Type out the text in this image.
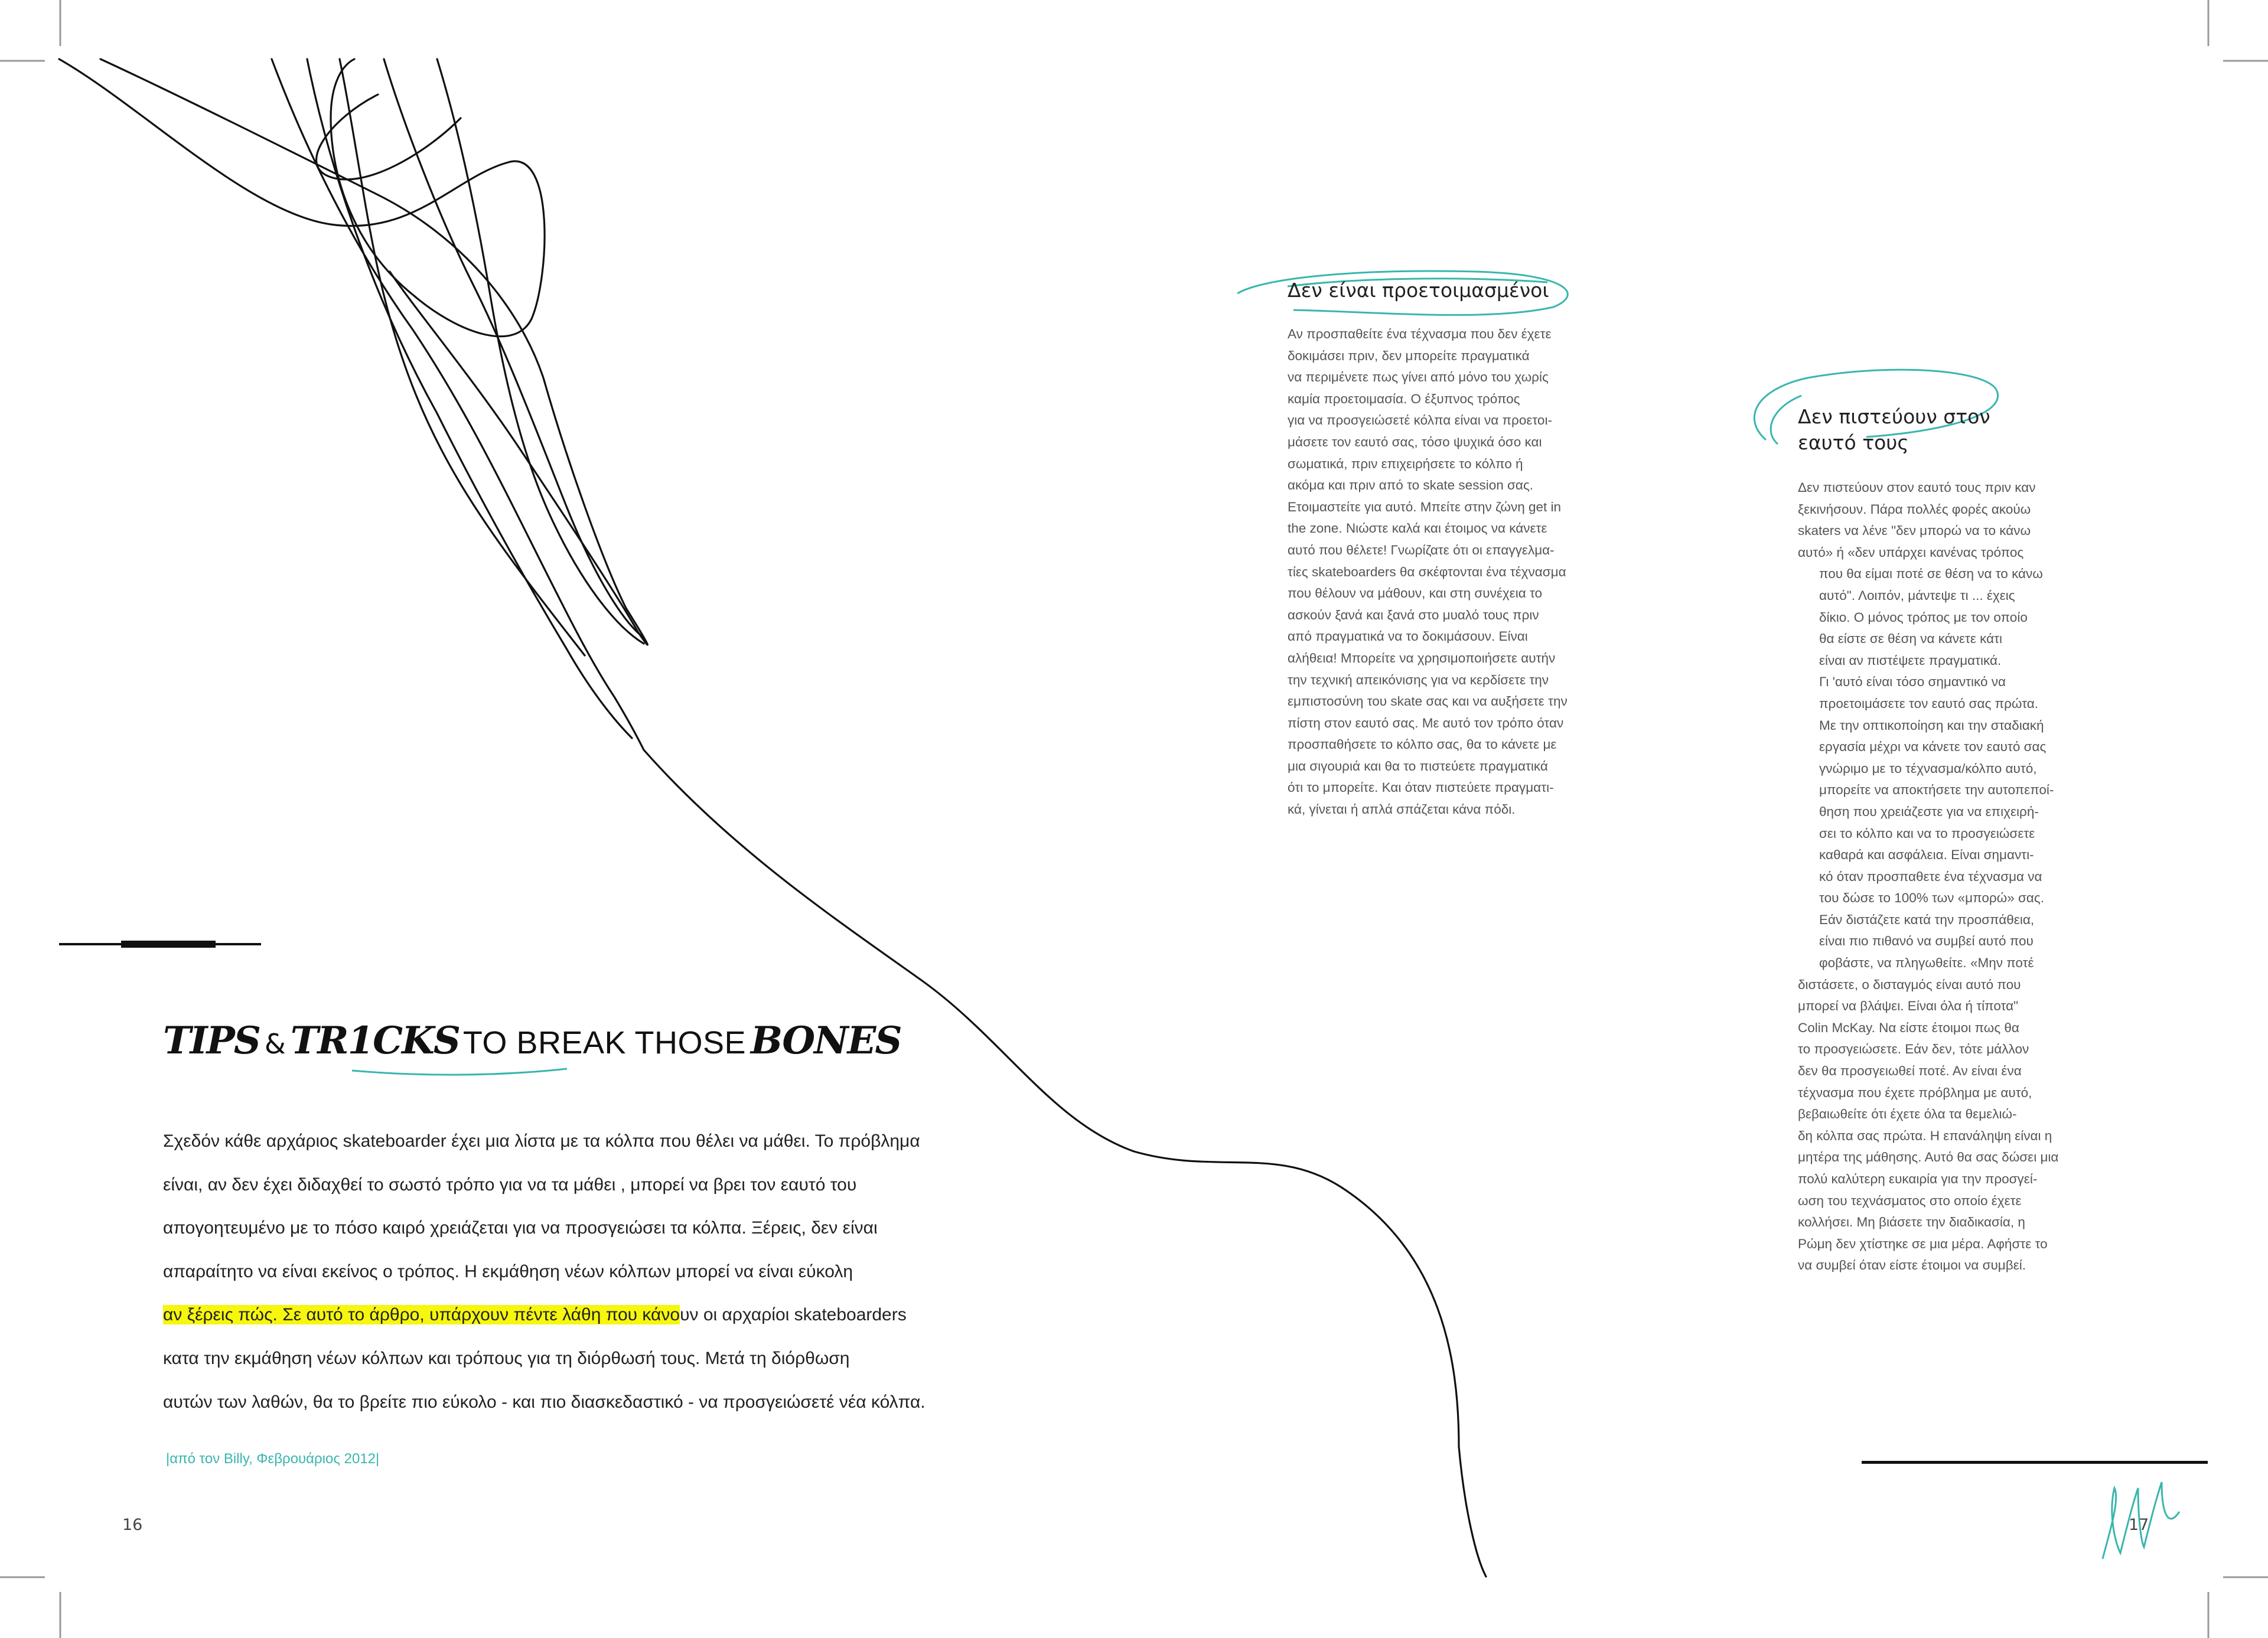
16	17
TIPS & TR1CKS TO BREAK THOSE BONES
Σχεδόν κάθε αρχάριος skateboarder έχει μια λίστα με τα κόλπα που θέλει να μάθει. Το πρόβλημα
είναι, αν δεν έχει διδαχθεί το σωστό τρόπο για να τα μάθει , μπορεί να βρει τον εαυτό του
απογοητευμένο με το πόσο καιρό χρειάζεται για να προσγειώσει τα κόλπα. Ξέρεις, δεν είναι
απαραίτητο να είναι εκείνος ο τρόπος. Η εκμάθηση νέων κόλπων μπορεί να είναι εύκολη
αν ξέρεις πώς. Σε αυτό το άρθρο, υπάρχουν πέντε λάθη που κάνουν οι αρχαρίοι skateboarders
κατα την εκμάθηση νέων κόλπων και τρόπους για τη διόρθωσή τους. Μετά τη διόρθωση
αυτών των λαθών, θα το βρείτε πιο εύκολο - και πιο διασκεδαστικό - να προσγειώσετέ νέα κόλπα.
|από τον Billy, Φεβρουάριος 2012|
Δεν είναι προετοιμασμένοι
Αν προσπαθείτε ένα τέχνασμα που δεν έχετε
δοκιμάσει πριν, δεν μπορείτε πραγματικά
να περιμένετε πως γίνει από μόνο του χωρίς
καμία προετοιμασία. Ο έξυπνος τρόπος
για να προσγειώσετέ κόλπα είναι να προετοι-
μάσετε τον εαυτό σας, τόσο ψυχικά όσο και
σωματικά, πριν επιχειρήσετε το κόλπο ή
ακόμα και πριν από το skate session σας.
Ετοιμαστείτε για αυτό. Μπείτε στην ζώνη get in
the zone. Νιώστε καλά και έτοιμος να κάνετε
αυτό που θέλετε! Γνωρίζατε ότι οι επαγγελμα-
τίες skateboarders θα σκέφτονται ένα τέχνασμα
που θέλουν να μάθουν, και στη συνέχεια το
ασκούν ξανά και ξανά στο μυαλό τους πριν
από πραγματικά να το δοκιμάσουν. Είναι
αλήθεια! Μπορείτε να χρησιμοποιήσετε αυτήν
την τεχνική απεικόνισης για να κερδίσετε την
εμπιστοσύνη του skate σας και να αυξήσετε την
πίστη στον εαυτό σας. Με αυτό τον τρόπο όταν
προσπαθήσετε το κόλπο σας, θα το κάνετε με
μια σιγουριά και θα το πιστεύετε πραγματικά
ότι το μπορείτε. Και όταν πιστεύετε πραγματι-
κά, γίνεται ή απλά σπάζεται κάνα πόδι.
Δεν πιστεύουν στον
εαυτό τους
Δεν πιστεύουν στον εαυτό τους πριν καν
ξεκινήσουν. Πάρα πολλές φορές ακούω
skaters να λένε "δεν μπορώ να το κάνω
αυτό» ή «δεν υπάρχει κανένας τρόπος
που θα είμαι ποτέ σε θέση να το κάνω
αυτό". Λοιπόν, μάντεψε τι ... έχεις
δίκιο. Ο μόνος τρόπος με τον οποίο
θα είστε σε θέση να κάνετε κάτι
είναι αν πιστέψετε πραγματικά.
Γι 'αυτό είναι τόσο σημαντικό να
προετοιμάσετε τον εαυτό σας πρώτα.
Με την οπτικοποίηση και την σταδιακή
εργασία μέχρι να κάνετε τον εαυτό σας
γνώριμο με το τέχνασμα/κόλπο αυτό,
μπορείτε να αποκτήσετε την αυτοπεποί-
θηση που χρειάζεστε για να επιχειρή-
σει το κόλπο και να το προσγειώσετε
καθαρά και ασφάλεια. Είναι σημαντι-
κό όταν προσπαθετε ένα τέχνασμα να
του δώσε το 100% των «μπορώ» σας.
Εάν διστάζετε κατά την προσπάθεια,
είναι πιο πιθανό να συμβεί αυτό που
φοβάστε, να πληγωθείτε. «Μην ποτέ
διστάσετε, ο δισταγμός είναι αυτό που
μπορεί να βλάψει. Είναι όλα ή τίποτα"
Colin McKay. Να είστε έτοιμοι πως θα
το προσγειώσετε. Εάν δεν, τότε μάλλον
δεν θα προσγειωθεί ποτέ. Αν είναι ένα
τέχνασμα που έχετε πρόβλημα με αυτό,
βεβαιωθείτε ότι έχετε όλα τα θεμελιώ-
δη κόλπα σας πρώτα. Η επανάληψη είναι η
μητέρα της μάθησης. Αυτό θα σας δώσει μια
πολύ καλύτερη ευκαιρία για την προσγεί-
ωση του τεχνάσματος στο οποίο έχετε
κολλήσει. Μη βιάσετε την διαδικασία, η
Ρώμη δεν χτίστηκε σε μια μέρα. Αφήστε το
να συμβεί όταν είστε έτοιμοι να συμβεί.
